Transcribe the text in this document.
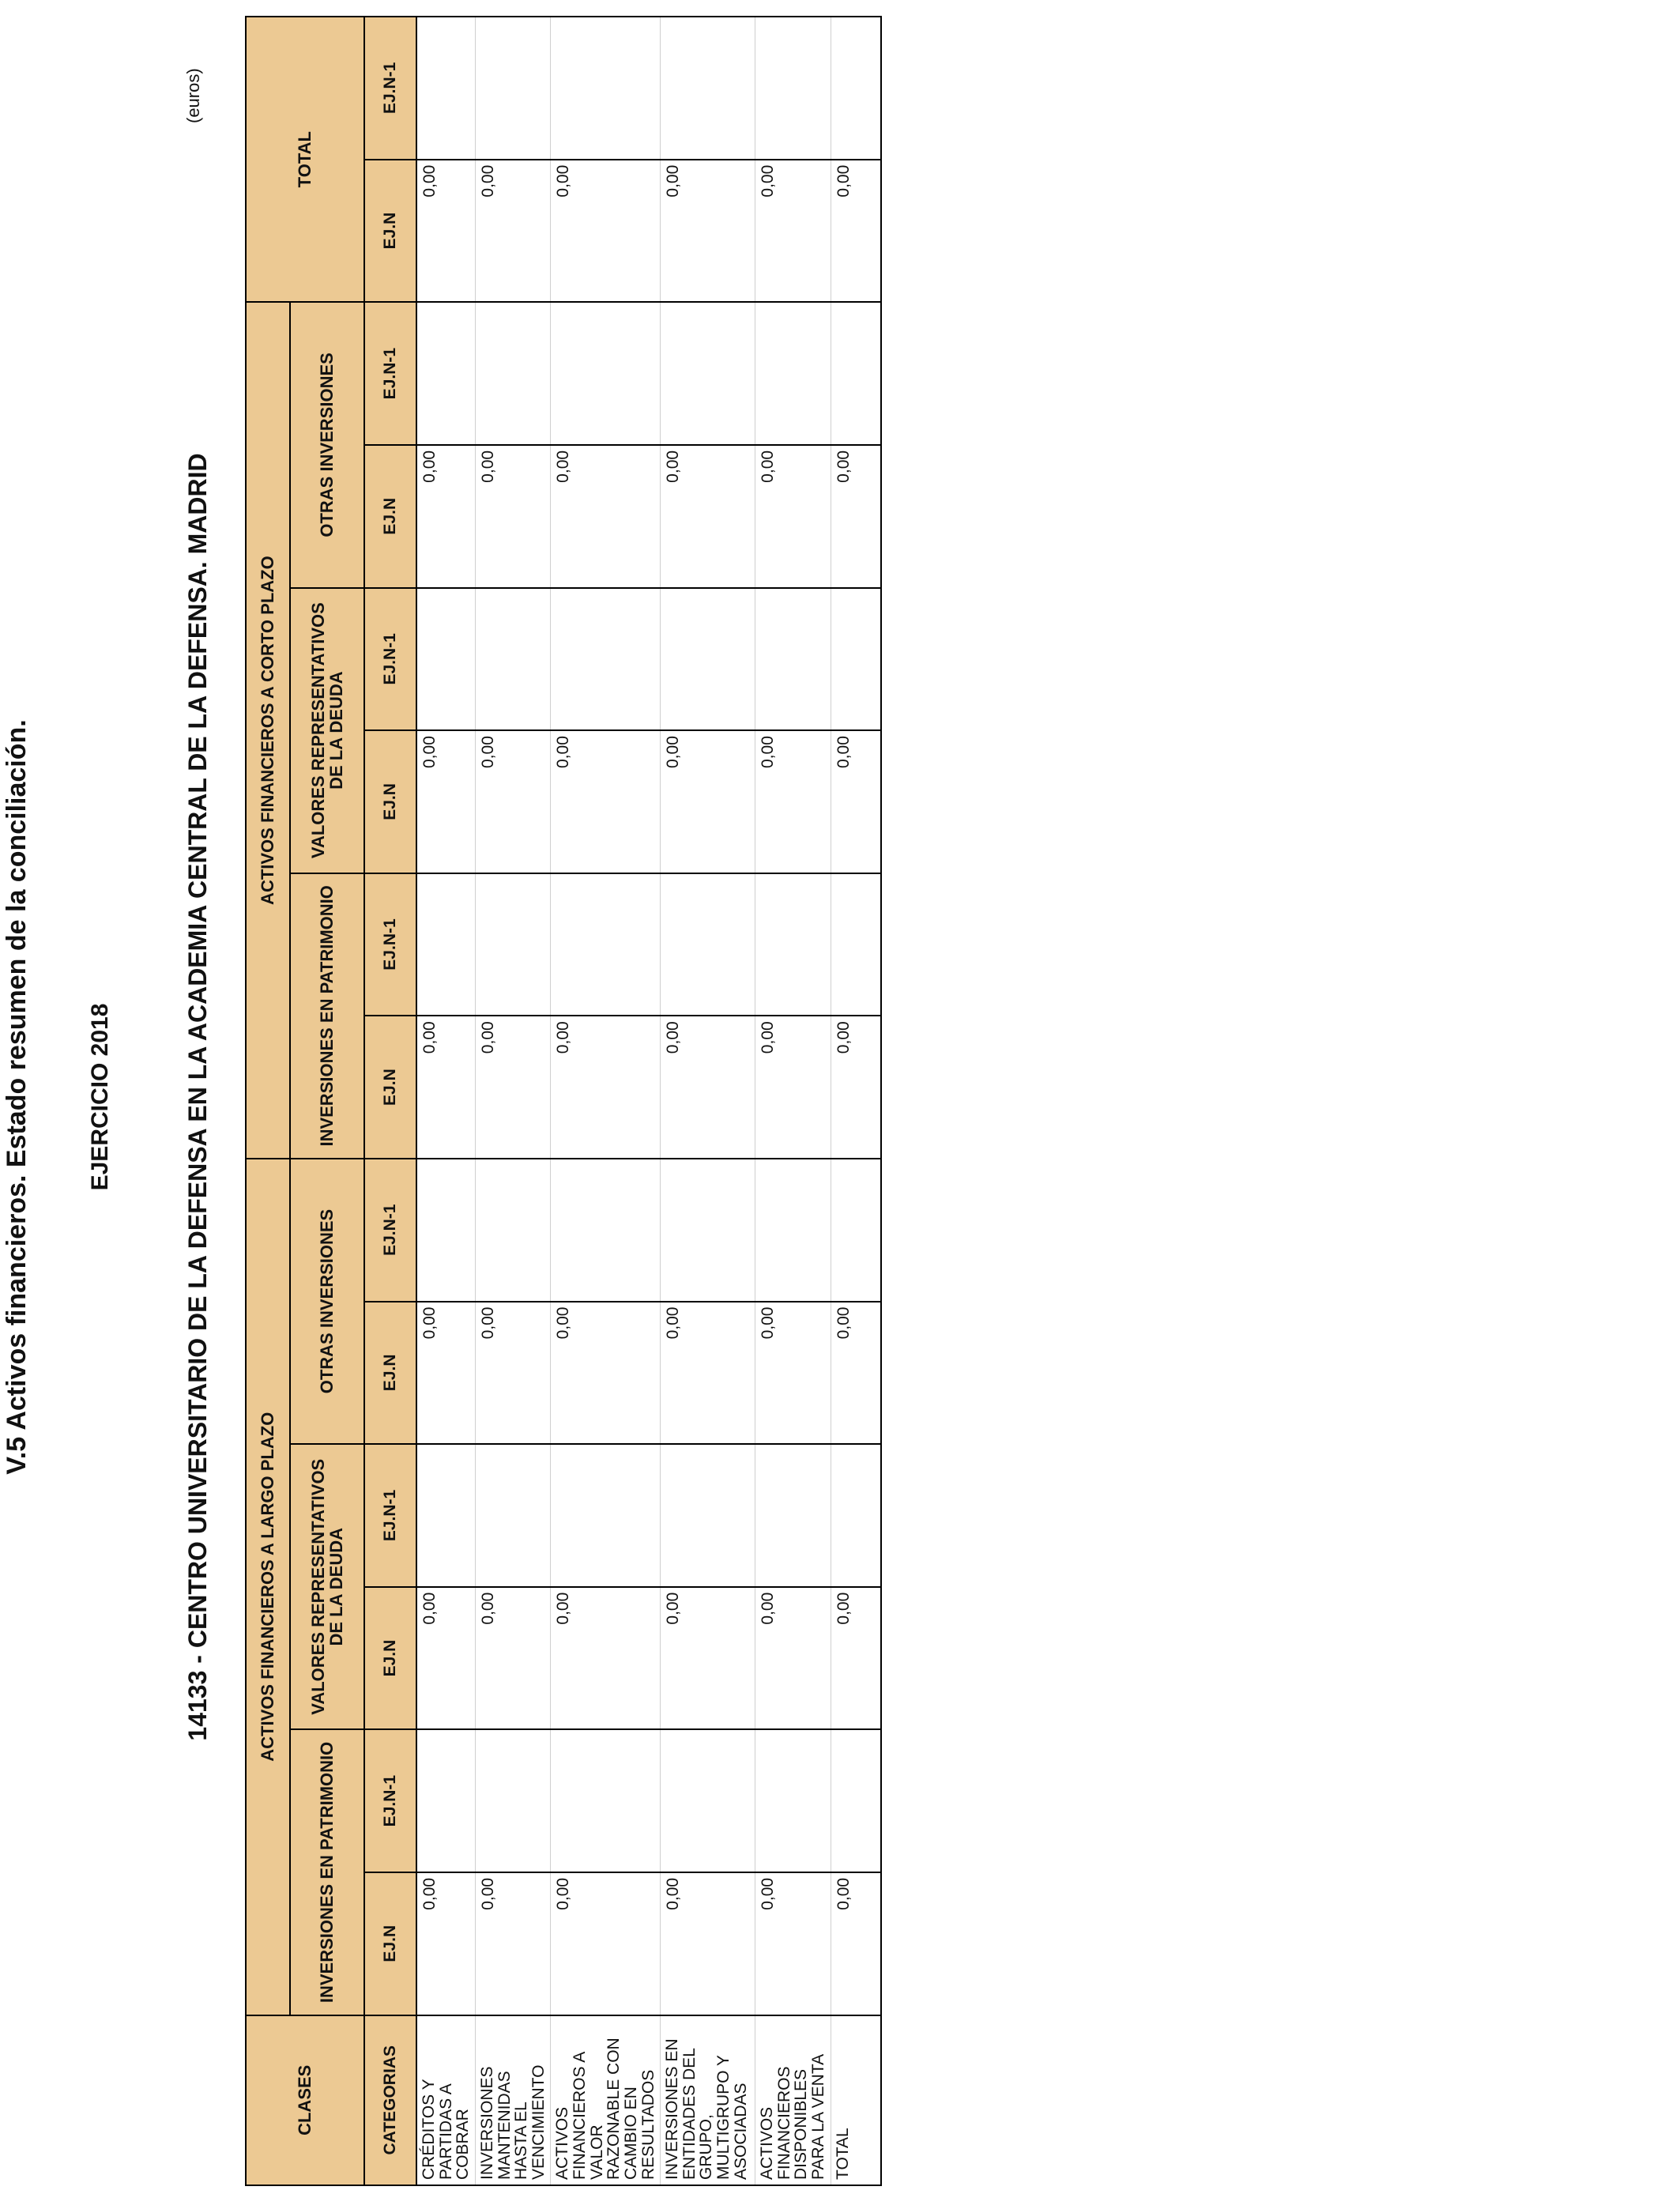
V.5 Activos financieros. Estado resumen de la conciliación. EJERCICIO 2018	14133 - CENTRO UNIVERSITARIO DE LA DEFENSA EN LA ACADEMIA CENTRAL DE LA DEFENSA. MADRID
(euros)
CLASES	ACTIVOS FINANCIEROS A LARGO PLAZO						ACTIVOS FINANCIEROS A CORTO PLAZO						TOTAL	
	INVERSIONES EN PATRIMONIO		VALORES REPRESENTATIVOS DE LA DEUDA		OTRAS INVERSIONES		INVERSIONES EN PATRIMONIO		VALORES REPRESENTATIVOS DE LA DEUDA		OTRAS INVERSIONES			
CATEGORIAS	EJ.N	EJ.N-1	EJ.N	EJ.N-1	EJ.N	EJ.N-1	EJ.N	EJ.N-1	EJ.N	EJ.N-1	EJ.N	EJ.N-1	EJ.N	EJ.N-1
CRÉDITOS Y PARTIDAS A COBRAR	0,00		0,00		0,00		0,00		0,00		0,00		0,00	
INVERSIONES MANTENIDAS HASTA EL VENCIMIENTO	0,00		0,00		0,00		0,00		0,00		0,00		0,00	
ACTIVOS FINANCIEROS A VALOR RAZONABLE CON CAMBIO EN RESULTADOS	0,00		0,00		0,00		0,00		0,00		0,00		0,00	
INVERSIONES EN ENTIDADES DEL GRUPO, MULTIGRUPO Y ASOCIADAS	0,00		0,00		0,00		0,00		0,00		0,00		0,00	
ACTIVOS FINANCIEROS DISPONIBLES PARA LA VENTA	0,00		0,00		0,00		0,00		0,00		0,00		0,00	
TOTAL	0,00		0,00		0,00		0,00		0,00		0,00		0,00	
